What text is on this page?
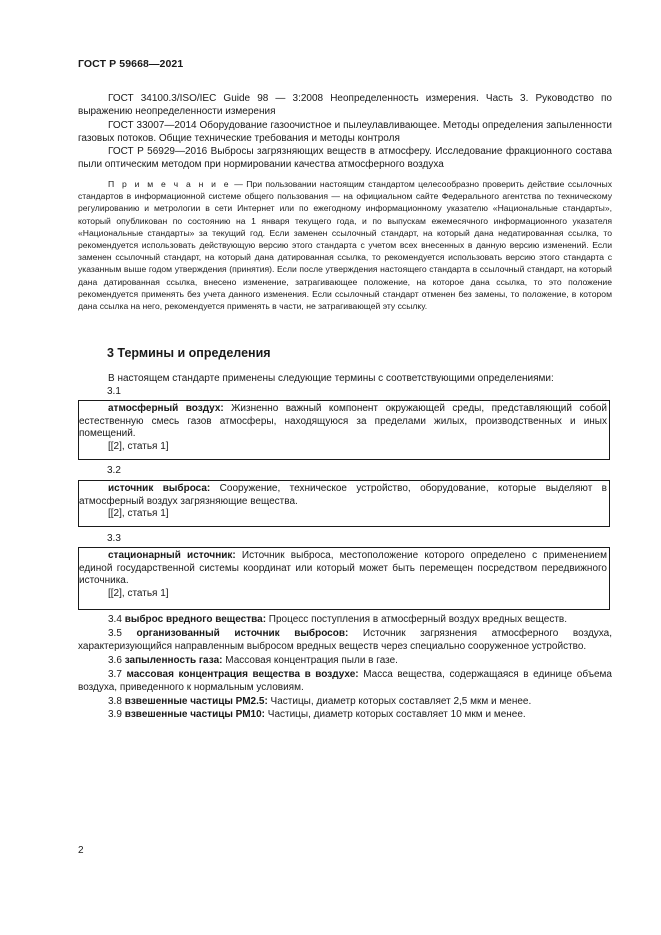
ГОСТ Р 59668—2021
ГОСТ 34100.3/ISO/IEC Guide 98 — 3:2008 Неопределенность измерения. Часть 3. Руководство по выражению неопределенности измерения
ГОСТ 33007—2014 Оборудование газоочистное и пылеулавливающее. Методы определения запыленности газовых потоков. Общие технические требования и методы контроля
ГОСТ Р 56929—2016 Выбросы загрязняющих веществ в атмосферу. Исследование фракционного состава пыли оптическим методом при нормировании качества атмосферного воздуха
П р и м е ч а н и е — При пользовании настоящим стандартом целесообразно проверить действие ссылочных стандартов в информационной системе общего пользования — на официальном сайте Федерального агентства по техническому регулированию и метрологии в сети Интернет или по ежегодному информационному указателю «Национальные стандарты», который опубликован по состоянию на 1 января текущего года, и по выпускам ежемесячного информационного указателя «Национальные стандарты» за текущий год. Если заменен ссылочный стандарт, на который дана недатированная ссылка, то рекомендуется использовать действующую версию этого стандарта с учетом всех внесенных в данную версию изменений. Если заменен ссылочный стандарт, на который дана датированная ссылка, то рекомендуется использовать версию этого стандарта с указанным выше годом утверждения (принятия). Если после утверждения настоящего стандарта в ссылочный стандарт, на который дана датированная ссылка, внесено изменение, затрагивающее положение, на которое дана ссылка, то это положение рекомендуется применять без учета данного изменения. Если ссылочный стандарт отменен без замены, то положение, в котором дана ссылка на него, рекомендуется применять в части, не затрагивающей эту ссылку.
3 Термины и определения
В настоящем стандарте применены следующие термины с соответствующими определениями:
3.1
атмосферный воздух: Жизненно важный компонент окружающей среды, представляющий собой естественную смесь газов атмосферы, находящуюся за пределами жилых, производственных и иных помещений.
[[2], статья 1]
3.2
источник выброса: Сооружение, техническое устройство, оборудование, которые выделяют в атмосферный воздух загрязняющие вещества.
[[2], статья 1]
3.3
стационарный источник: Источник выброса, местоположение которого определено с применением единой государственной системы координат или который может быть перемещен посредством передвижного источника.
[[2], статья 1]
3.4 выброс вредного вещества: Процесс поступления в атмосферный воздух вредных веществ.
3.5 организованный источник выбросов: Источник загрязнения атмосферного воздуха, характеризующийся направленным выбросом вредных веществ через специально сооруженное устройство.
3.6 запыленность газа: Массовая концентрация пыли в газе.
3.7 массовая концентрация вещества в воздухе: Масса вещества, содержащаяся в единице объема воздуха, приведенного к нормальным условиям.
3.8 взвешенные частицы РМ2.5: Частицы, диаметр которых составляет 2,5 мкм и менее.
3.9 взвешенные частицы РМ10: Частицы, диаметр которых составляет 10 мкм и менее.
2
